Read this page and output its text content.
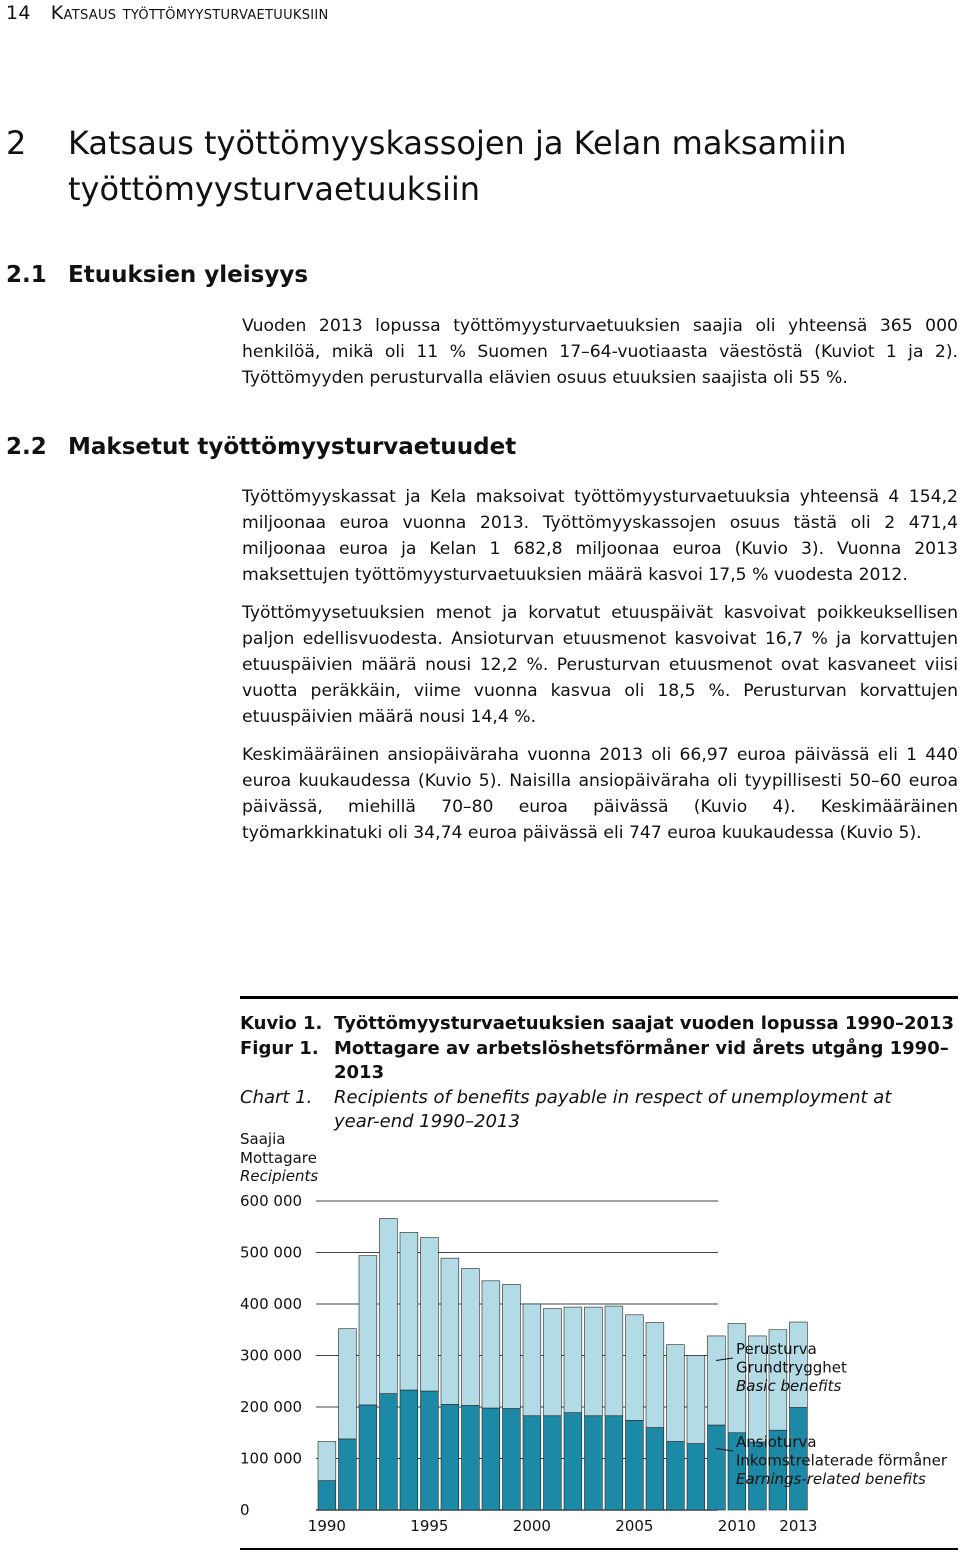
14 Katsaus työttömyysturvaetuuksiin
2 Katsaus työttömyyskassojen ja Kelan maksamiin
työttömyysturvaetuuksiin
2.1 Etuuksien yleisyys

Vuoden 2013 lopussa työttömyysturvaetuuksien saajia oli yhteensä 365 000 henkilöä, mikä oli 11 % Suomen 17–64-vuotiaasta väestöstä (Kuviot 1 ja 2). Työttömyyden perusturvalla elävien osuus etuuksien saajista oli 55 %.

2.2 Maksetut työttömyysturvaetuudet

Työttömyyskassat ja Kela maksoivat työttömyysturvaetuuksia yhteensä 4 154,2 miljoonaa euroa vuonna 2013. Työttömyyskassojen osuus tästä oli 2 471,4 miljoonaa euroa ja Kelan 1 682,8 miljoonaa euroa (Kuvio 3). Vuonna 2013 maksettujen työttömyysturvaetuuksien määrä kasvoi 17,5 % vuodesta 2012.

Työttömyysetuuksien menot ja korvatut etuuspäivät kasvoivat poikkeuksellisen paljon edellisvuodesta. Ansioturvan etuusmenot kasvoivat 16,7 % ja korvattujen etuuspäivien määrä nousi 12,2 %. Perusturvan etuusmenot ovat kasvaneet viisi vuotta peräkkäin, viime vuonna kasvua oli 18,5 %. Perusturvan korvattujen etuuspäivien määrä nousi 14,4 %.

Keskimääräinen ansiopäiväraha vuonna 2013 oli 66,97 euroa päivässä eli 1 440 euroa kuukaudessa (Kuvio 5). Naisilla ansiopäiväraha oli tyypillisesti 50–60 euroa päivässä, miehillä 70–80 euroa päivässä (Kuvio 4). Keskimääräinen työmarkkinatuki oli 34,74 euroa päivässä eli 747 euroa kuukaudessa (Kuvio 5).

Kuvio 1. Työttömyysturvaetuuksien saajat vuoden lopussa 1990–2013
Figur 1. Mottagare av arbetslöshetsförmåner vid årets utgång 1990–2013
Chart 1.	Recipients of benefits payable in respect of unemployment at
year-end 1990–2013
Saajia
Mottagare
Recipients
0
100 000
200 000
300 000
400 000
500 000
600 000
1990	1995	2000	2005	2010 2013
Perusturva
Grundtrygghet
Basic benefits
Ansioturva
Inkomstrelaterade förmåner
Earnings-related benefits
